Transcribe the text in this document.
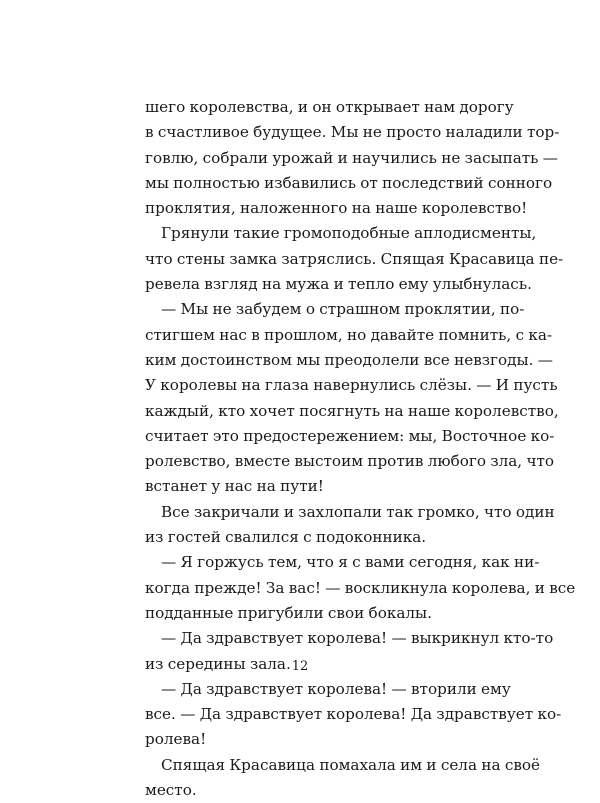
шего королевства, и он открывает нам дорогу
в счастливое будущее. Мы не просто наладили тор-
говлю, собрали урожай и научились не засыпать —
мы полностью избавились от последствий сонного
проклятия, наложенного на наше королевство!
Грянули такие громоподобные аплодисменты,
что стены замка затряслись. Спящая Красавица пе-
ревела взгляд на мужа и тепло ему улыбнулась.
— Мы не забудем о страшном проклятии, по-
стигшем нас в прошлом, но давайте помнить, с ка-
ким достоинством мы преодолели все невзгоды. —
У королевы на глаза навернулись слёзы. — И пусть
каждый, кто хочет посягнуть на наше королевство,
считает это предостережением: мы, Восточное ко-
ролевство, вместе выстоим против любого зла, что
встанет у нас на пути!
Все закричали и захлопали так громко, что один
из гостей свалился с подоконника.
— Я горжусь тем, что я с вами сегодня, как ни-
когда прежде! За вас! — воскликнула королева, и все
подданные пригубили свои бокалы.
— Да здравствует королева! — выкрикнул кто-то
из середины зала.
— Да здравствует королева! — вторили ему
все. — Да здравствует королева! Да здравствует ко-
ролева!
Спящая Красавица помахала им и села на своё
место.
12
